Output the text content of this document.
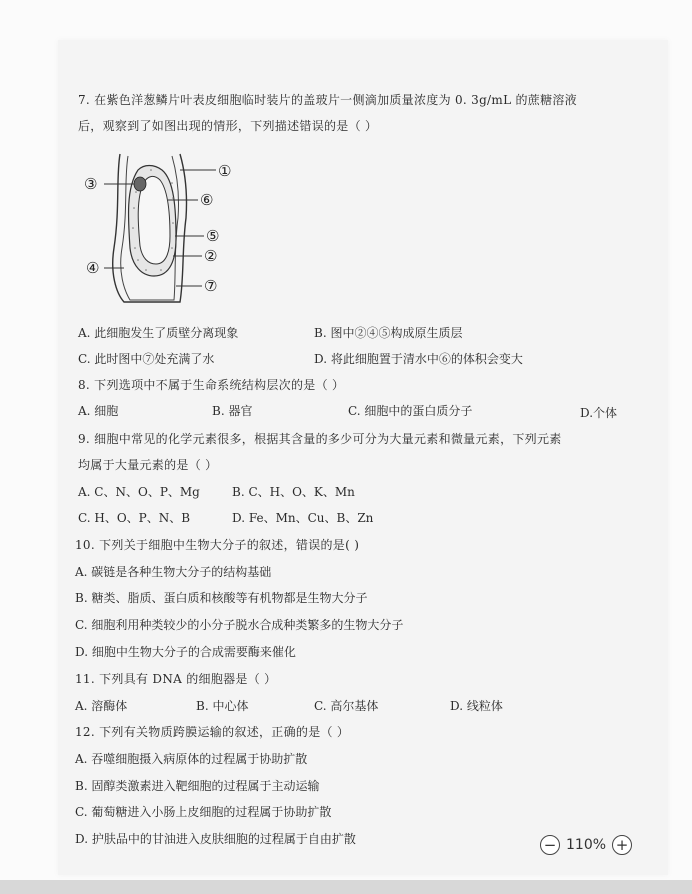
7. 在紫色洋葱鳞片叶表皮细胞临时装片的盖玻片一侧滴加质量浓度为 0. 3g/mL 的蔗糖溶液
后，观察到了如图出现的情形，下列描述错误的是（ ）
①
⑥
⑤
②
⑦
③
④
A. 此细胞发生了质壁分离现象	B. 图中②④⑤构成原生质层
C. 此时图中⑦处充满了水	D. 将此细胞置于清水中⑥的体积会变大
8. 下列选项中不属于生命系统结构层次的是（ ）
A. 细胞	B. 器官	C. 细胞中的蛋白质分子	D.个体
9. 细胞中常见的化学元素很多，根据其含量的多少可分为大量元素和微量元素，下列元素
均属于大量元素的是（ ）
A. C、N、O、P、Mg	B. C、H、O、K、Mn
C. H、O、P、N、B	D. Fe、Mn、Cu、B、Zn
10. 下列关于细胞中生物大分子的叙述，错误的是( )
A. 碳链是各种生物大分子的结构基础
B. 糖类、脂质、蛋白质和核酸等有机物都是生物大分子
C. 细胞利用种类较少的小分子脱水合成种类繁多的生物大分子
D. 细胞中生物大分子的合成需要酶来催化
11. 下列具有 DNA 的细胞器是（ ）
A. 溶酶体	B. 中心体	C. 高尔基体	D. 线粒体
12. 下列有关物质跨膜运输的叙述，正确的是（ ）
A. 吞噬细胞摄入病原体的过程属于协助扩散
B. 固醇类激素进入靶细胞的过程属于主动运输
C. 葡萄糖进入小肠上皮细胞的过程属于协助扩散
D. 护肤品中的甘油进入皮肤细胞的过程属于自由扩散	− 110% +
